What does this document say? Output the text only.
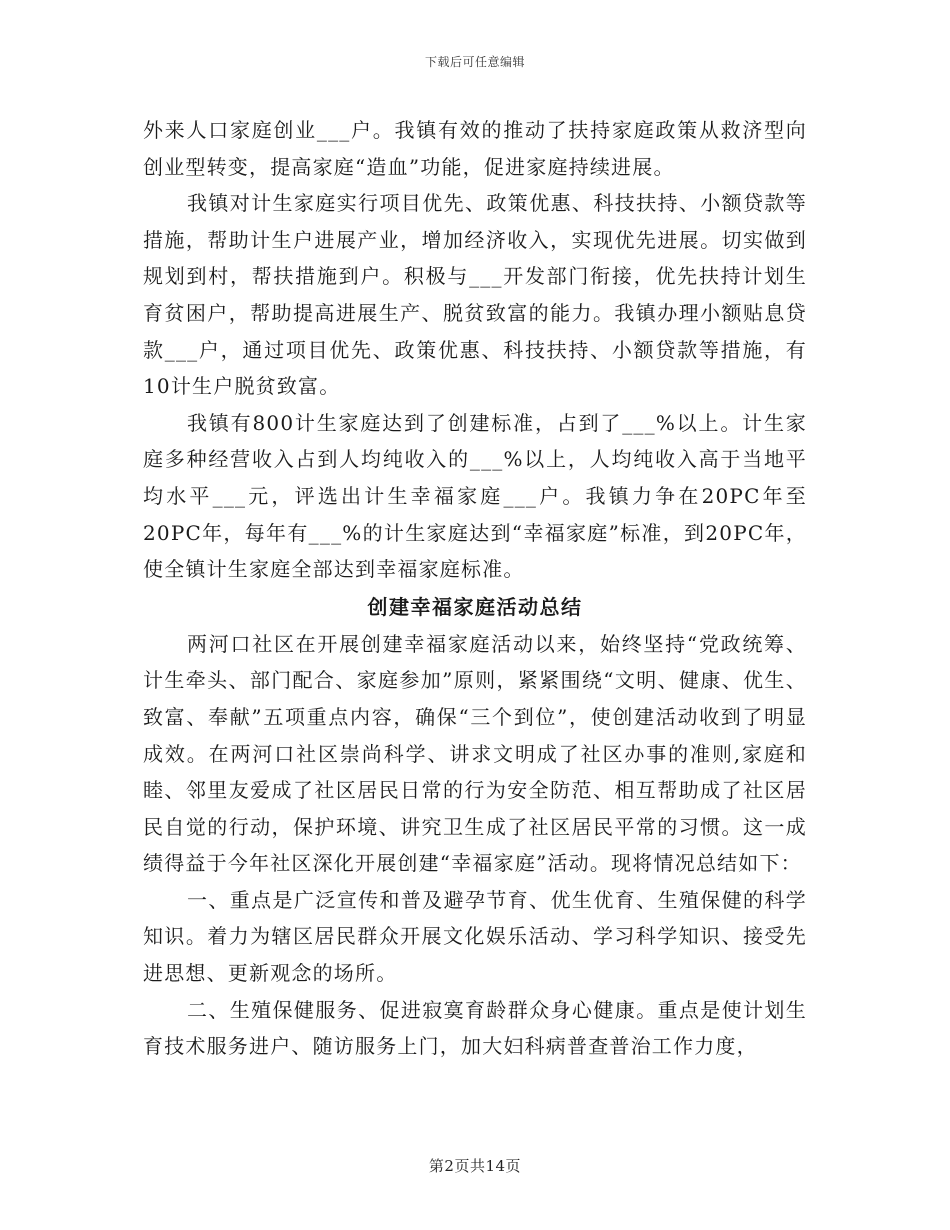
下载后可任意编辑

外来人口家庭创业___户。我镇有效的推动了扶持家庭政策从救济型向创业型转变，提高家庭“造血”功能，促进家庭持续进展。

我镇对计生家庭实行项目优先、政策优惠、科技扶持、小额贷款等措施，帮助计生户进展产业，增加经济收入，实现优先进展。切实做到规划到村，帮扶措施到户。积极与___开发部门衔接，优先扶持计划生育贫困户，帮助提高进展生产、脱贫致富的能力。我镇办理小额贴息贷款___户，通过项目优先、政策优惠、科技扶持、小额贷款等措施，有10计生户脱贫致富。

我镇有800计生家庭达到了创建标准，占到了___%以上。计生家庭多种经营收入占到人均纯收入的___%以上，人均纯收入高于当地平均水平___元，评选出计生幸福家庭___户。我镇力争在20PC年至20PC年，每年有___%的计生家庭达到“幸福家庭”标准，到20PC年，使全镇计生家庭全部达到幸福家庭标准。

创建幸福家庭活动总结

两河口社区在开展创建幸福家庭活动以来，始终坚持“党政统筹、计生牵头、部门配合、家庭参加”原则，紧紧围绕“文明、健康、优生、致富、奉献”五项重点内容，确保“三个到位”，使创建活动收到了明显成效。在两河口社区崇尚科学、讲求文明成了社区办事的准则,家庭和睦、邻里友爱成了社区居民日常的行为安全防范、相互帮助成了社区居民自觉的行动，保护环境、讲究卫生成了社区居民平常的习惯。这一成绩得益于今年社区深化开展创建“幸福家庭”活动。现将情况总结如下：

一、重点是广泛宣传和普及避孕节育、优生优育、生殖保健的科学知识。着力为辖区居民群众开展文化娱乐活动、学习科学知识、接受先进思想、更新观念的场所。

二、生殖保健服务、促进寂寞育龄群众身心健康。重点是使计划生育技术服务进户、随访服务上门，加大妇科病普查普治工作力度，

第2页共14页
